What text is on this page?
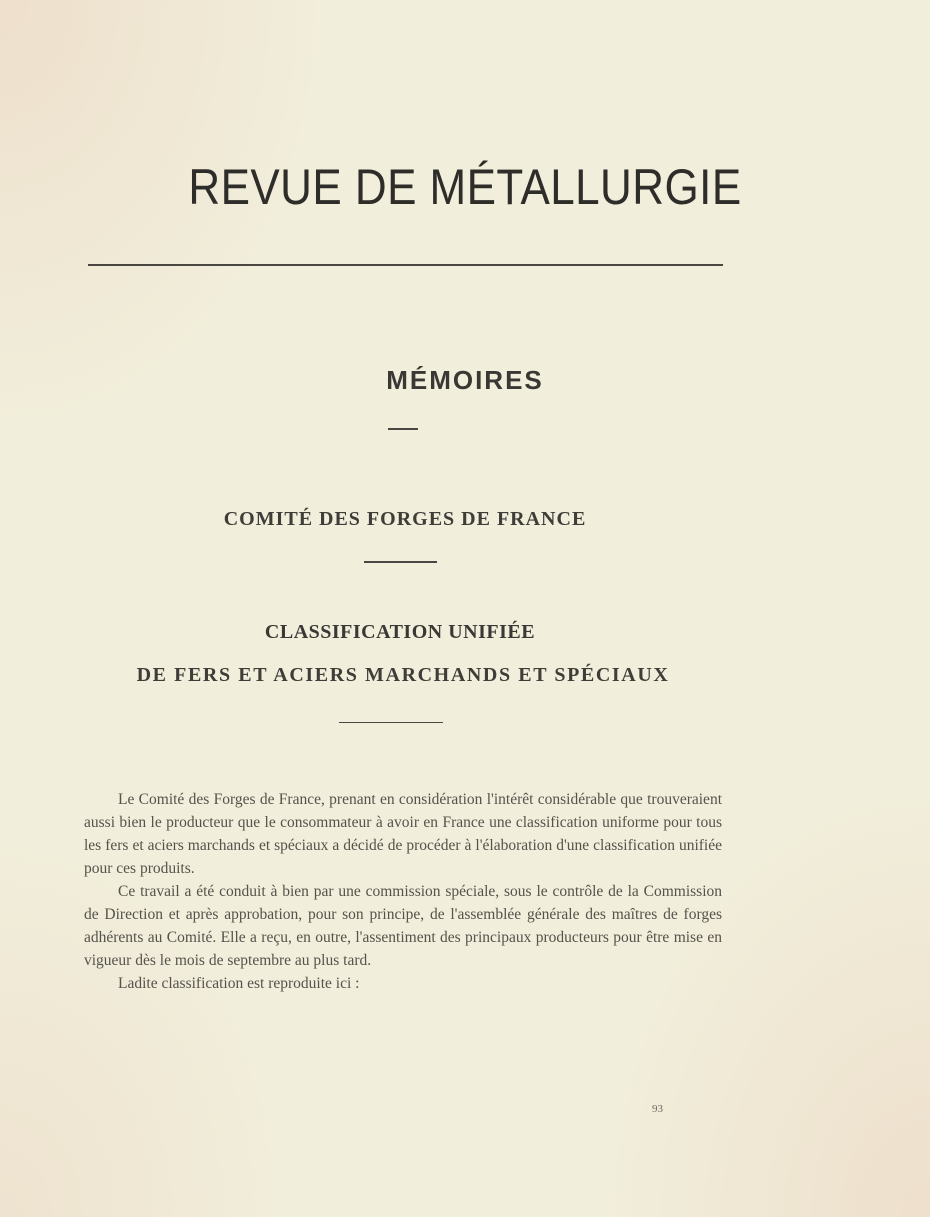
REVUE DE MÉTALLURGIE
MÉMOIRES
COMITÉ DES FORGES DE FRANCE
CLASSIFICATION UNIFIÉE
DE FERS ET ACIERS MARCHANDS ET SPÉCIAUX

Le Comité des Forges de France, prenant en considération l'intérêt considérable que trouveraient aussi bien le producteur que le consommateur à avoir en France une classification uniforme pour tous les fers et aciers marchands et spéciaux a décidé de procéder à l'élaboration d'une classification unifiée pour ces produits.

Ce travail a été conduit à bien par une commission spéciale, sous le contrôle de la Commission de Direction et après approbation, pour son principe, de l'assemblée générale des maîtres de forges adhérents au Comité. Elle a reçu, en outre, l'assentiment des principaux producteurs pour être mise en vigueur dès le mois de septembre au plus tard.

Ladite classification est reproduite ici :

93
